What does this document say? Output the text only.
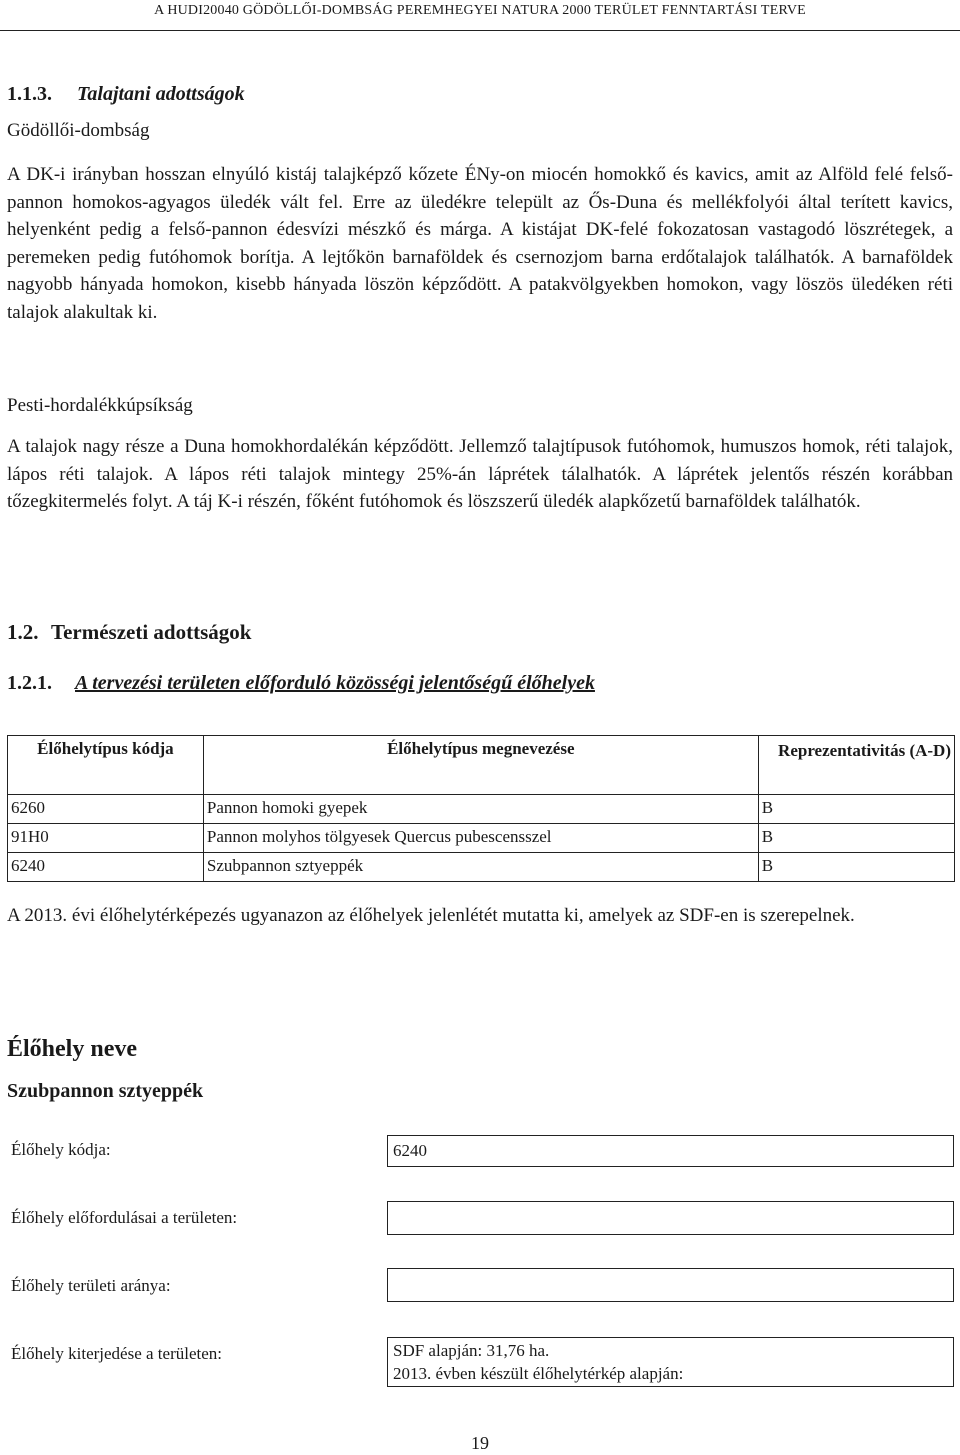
A HUDI20040 GÖDÖLLŐI-DOMBSÁG PEREMHEGYEI NATURA 2000 TERÜLET FENNTARTÁSI TERVE
1.1.3. Talajtani adottságok
Gödöllői-dombság
A DK-i irányban hosszan elnyúló kistáj talajképző kőzete ÉNy-on miocén homokkő és kavics, amit az Alföld felé felső-pannon homokos-agyagos üledék vált fel. Erre az üledékre települt az Ős-Duna és mellékfolyói által terített kavics, helyenként pedig a felső-pannon édesvízi mészkő és márga. A kistájat DK-felé fokozatosan vastagodó löszrétegek, a peremeken pedig futóhomok borítja. A lejtőkön barnaföldek és csernozjom barna erdőtalajok találhatók. A barnaföldek nagyobb hányada homokon, kisebb hányada löszön képződött. A patakvölgyekben homokon, vagy löszös üledéken réti talajok alakultak ki.
Pesti-hordalékkúpsíkság
A talajok nagy része a Duna homokhordalékán képződött. Jellemző talajtípusok futóhomok, humuszos homok, réti talajok, lápos réti talajok. A lápos réti talajok mintegy 25%-án láprétek tálalhatók. A láprétek jelentős részén korábban tőzegkitermelés folyt. A táj K-i részén, főként futóhomok és löszszerű üledék alapkőzetű barnaföldek találhatók.
1.2. Természeti adottságok
1.2.1. A tervezési területen előforduló közösségi jelentőségű élőhelyek
Élőhelytípus kódja	Élőhelytípus megnevezése	Reprezentativitás (A-D)
6260	Pannon homoki gyepek	B
91H0	Pannon molyhos tölgyesek Quercus pubescensszel	B
6240	Szubpannon sztyeppék	B
A 2013. évi élőhelytérképezés ugyanazon az élőhelyek jelenlétét mutatta ki, amelyek az SDF-en is szerepelnek.
Élőhely neve
Szubpannon sztyeppék
Élőhely kódja:	6240
Élőhely előfordulásai a területen:
Élőhely területi aránya:
Élőhely kiterjedése a területen:	SDF alapján: 31,76 ha.
2013. évben készült élőhelytérkép alapján:
19
